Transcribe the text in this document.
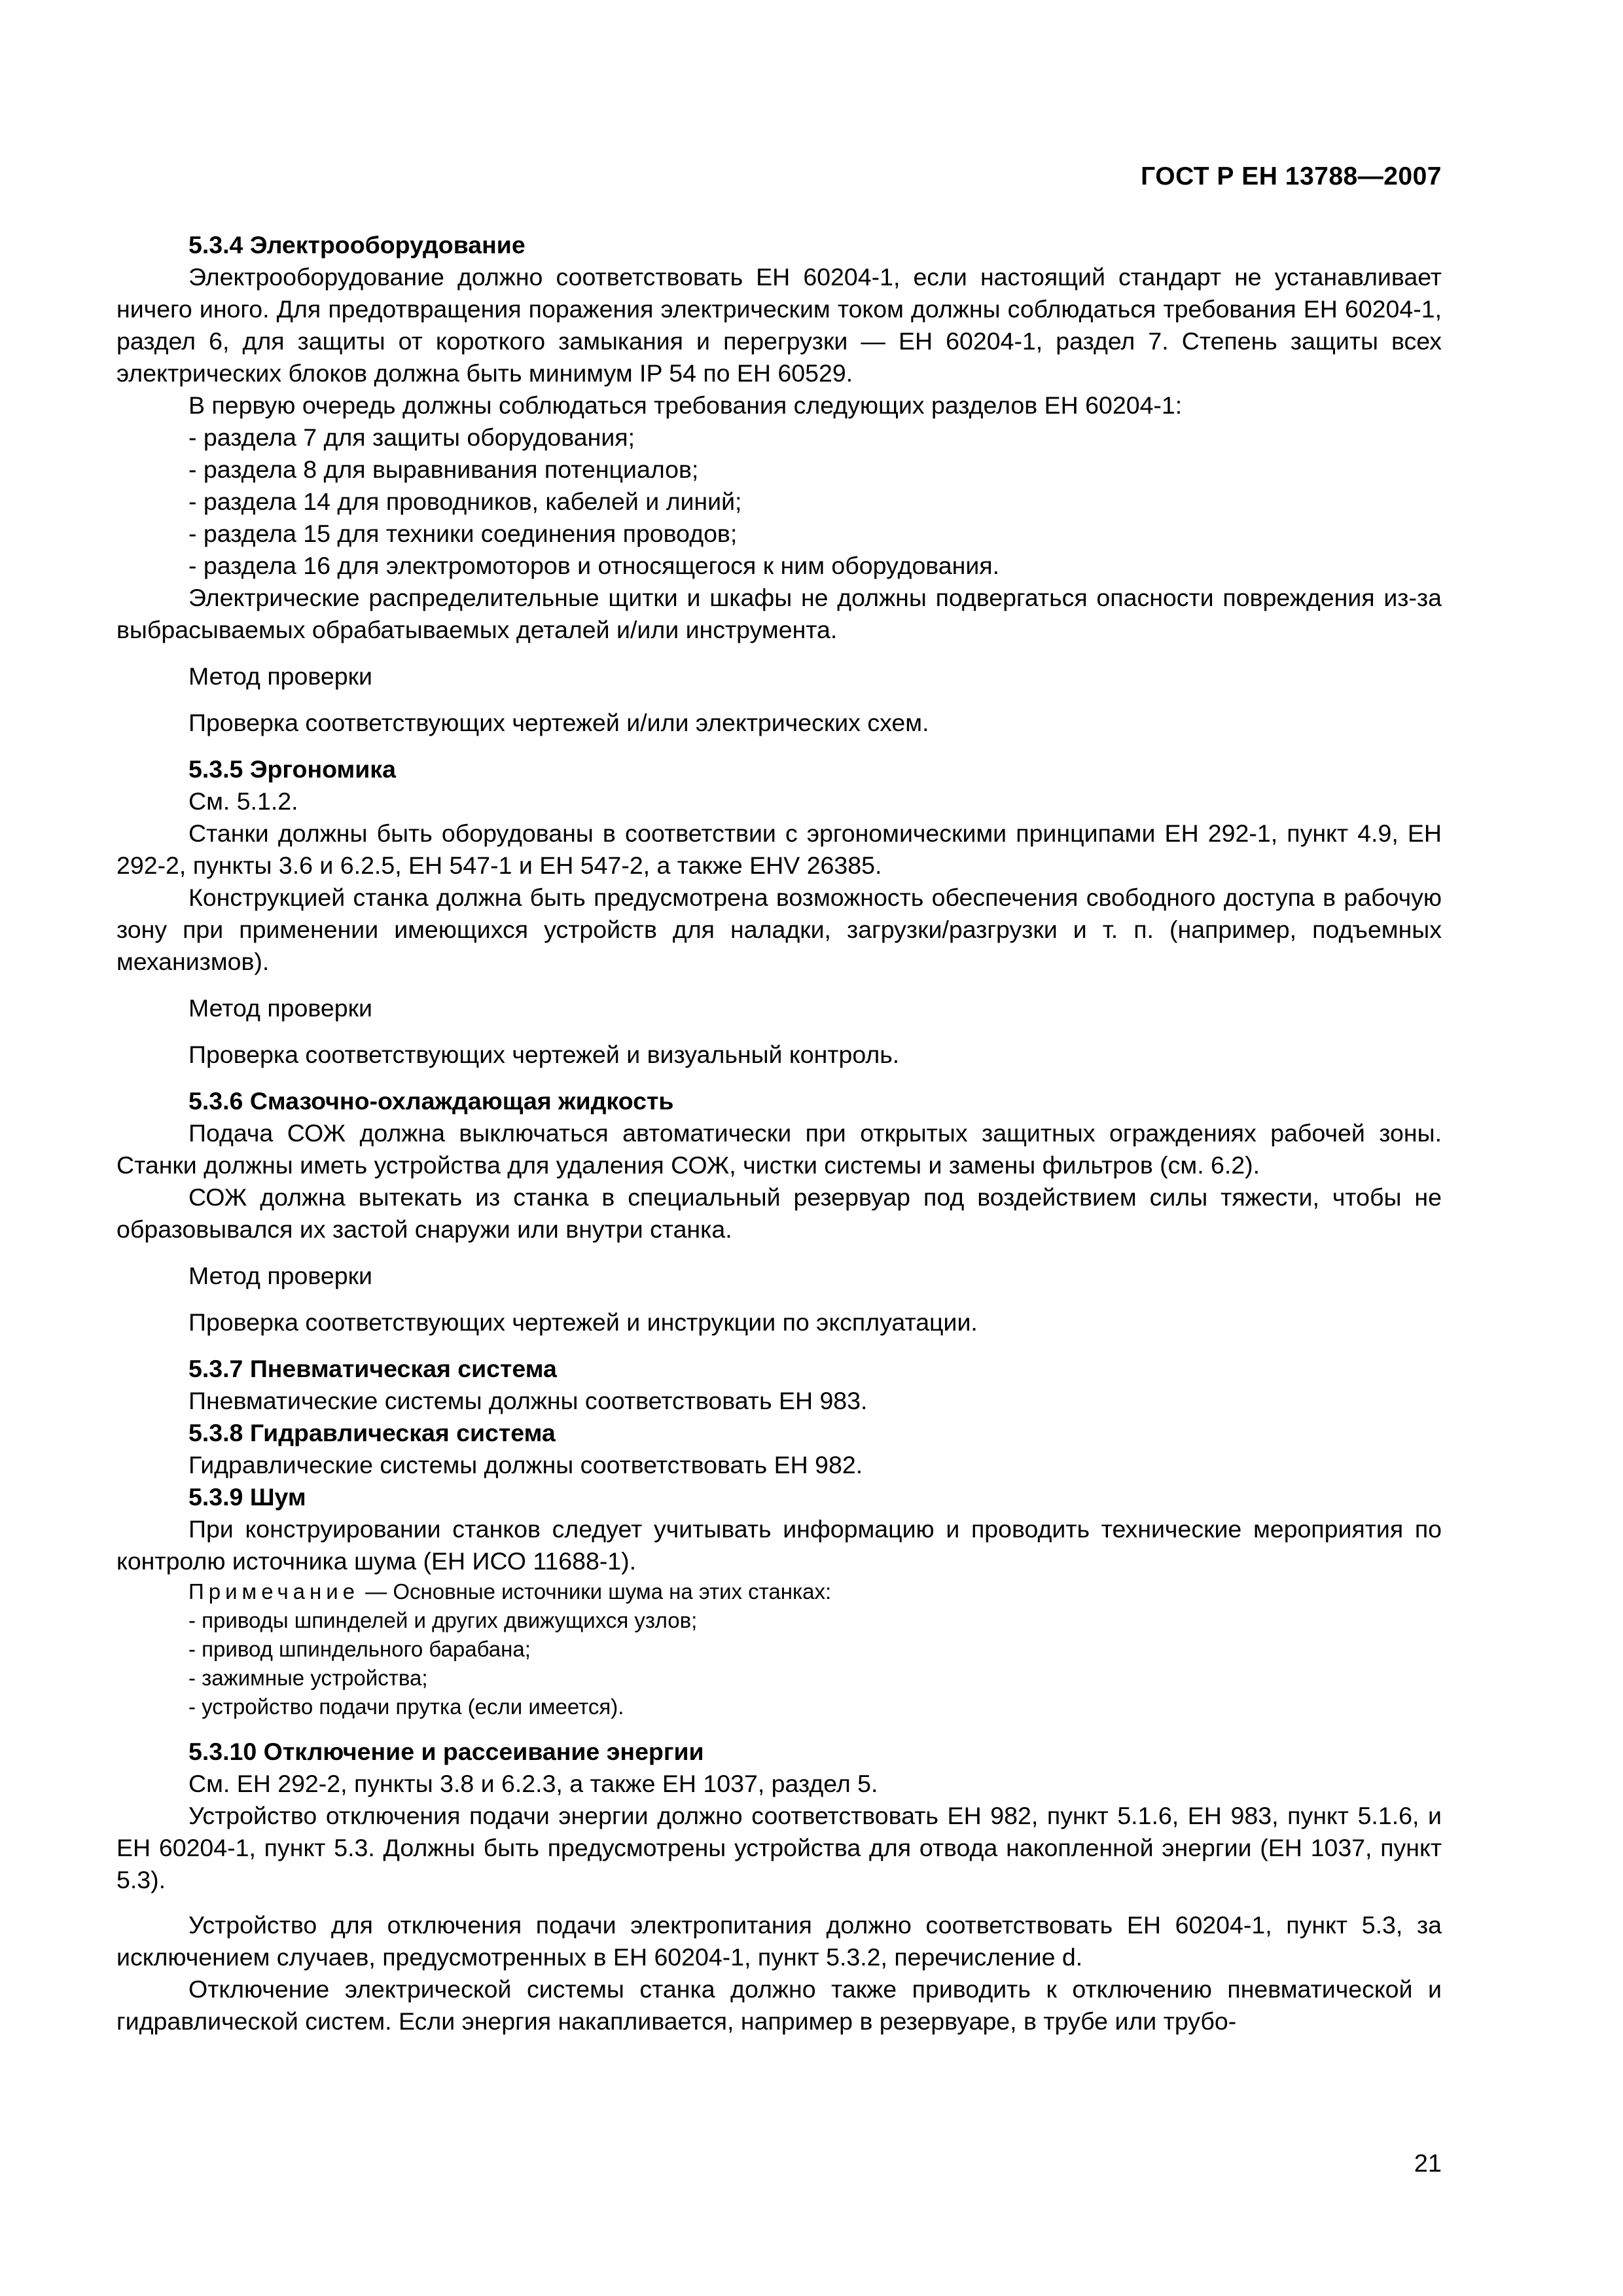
ГОСТ Р ЕН 13788—2007

5.3.4 Электрооборудование

Электрооборудование должно соответствовать ЕН 60204-1, если настоящий стандарт не устанавливает ничего иного. Для предотвращения поражения электрическим током должны соблюдаться требования ЕН 60204-1, раздел 6, для защиты от короткого замыкания и перегрузки — ЕН 60204-1, раздел 7. Степень защиты всех электрических блоков должна быть минимум IP 54 по ЕН 60529.

В первую очередь должны соблюдаться требования следующих разделов ЕН 60204-1:

- раздела 7 для защиты оборудования;
- раздела 8 для выравнивания потенциалов;
- раздела 14 для проводников, кабелей и линий;
- раздела 15 для техники соединения проводов;
- раздела 16 для электромоторов и относящегося к ним оборудования.

Электрические распределительные щитки и шкафы не должны подвергаться опасности повреждения из-за выбрасываемых обрабатываемых деталей и/или инструмента.

Метод проверки

Проверка соответствующих чертежей и/или электрических схем.

5.3.5 Эргономика

См. 5.1.2.

Станки должны быть оборудованы в соответствии с эргономическими принципами ЕН 292-1, пункт 4.9, ЕН 292-2, пункты 3.6 и 6.2.5, ЕН 547-1 и ЕН 547-2, а также EHV 26385.

Конструкцией станка должна быть предусмотрена возможность обеспечения свободного доступа в рабочую зону при применении имеющихся устройств для наладки, загрузки/разгрузки и т. п. (например, подъемных механизмов).

Метод проверки

Проверка соответствующих чертежей и визуальный контроль.

5.3.6 Смазочно-охлаждающая жидкость

Подача СОЖ должна выключаться автоматически при открытых защитных ограждениях рабочей зоны. Станки должны иметь устройства для удаления СОЖ, чистки системы и замены фильтров (см. 6.2).

СОЖ должна вытекать из станка в специальный резервуар под воздействием силы тяжести, чтобы не образовывался их застой снаружи или внутри станка.

Метод проверки

Проверка соответствующих чертежей и инструкции по эксплуатации.

5.3.7 Пневматическая система

Пневматические системы должны соответствовать ЕН 983.

5.3.8 Гидравлическая система

Гидравлические системы должны соответствовать ЕН 982.

5.3.9 Шум

При конструировании станков следует учитывать информацию и проводить технические мероприятия по контролю источника шума (ЕН ИСО 11688-1).

Примечание — Основные источники шума на этих станках:

- приводы шпинделей и других движущихся узлов;
- привод шпиндельного барабана;
- зажимные устройства;
- устройство подачи прутка (если имеется).

5.3.10 Отключение и рассеивание энергии

См. ЕН 292-2, пункты 3.8 и 6.2.3, а также ЕН 1037, раздел 5.

Устройство отключения подачи энергии должно соответствовать ЕН 982, пункт 5.1.6, ЕН 983, пункт 5.1.6, и ЕН 60204-1, пункт 5.3. Должны быть предусмотрены устройства для отвода накопленной энергии (ЕН 1037, пункт 5.3).

Устройство для отключения подачи электропитания должно соответствовать ЕН 60204-1, пункт 5.3, за исключением случаев, предусмотренных в ЕН 60204-1, пункт 5.3.2, перечисление d.

Отключение электрической системы станка должно также приводить к отключению пневматической и гидравлической систем. Если энергия накапливается, например в резервуаре, в трубе или трубо-

21
